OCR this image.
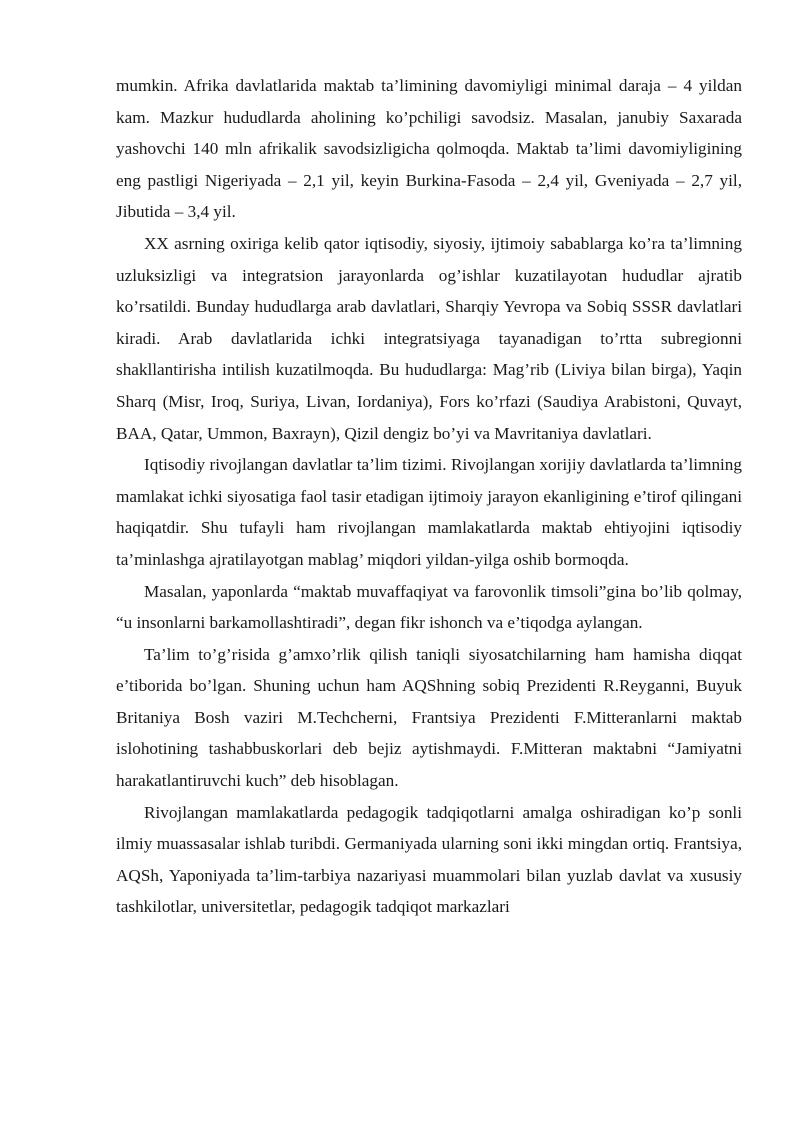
mumkin. Afrika davlatlarida maktab ta’limining davomiyligi minimal daraja – 4 yildan kam. Mazkur hududlarda aholining ko’pchiligi savodsiz. Masalan, janubiy Saxarada yashovchi 140 mln afrikalik savodsizligicha qolmoqda. Maktab ta’limi davomiyligining eng pastligi Nigeriyada – 2,1 yil, keyin Burkina-Fasoda – 2,4 yil, Gveniyada – 2,7 yil, Jibutida – 3,4 yil.

XX asrning oxiriga kelib qator iqtisodiy, siyosiy, ijtimoiy sabablarga ko’ra ta’limning uzluksizligi va integratsion jarayonlarda og’ishlar kuzatilayotan hududlar ajratib ko’rsatildi. Bunday hududlarga arab davlatlari, Sharqiy Yevropa va Sobiq SSSR davlatlari kiradi. Arab davlatlarida ichki integratsiyaga tayanadigan to’rtta subregionni shakllantirisha intilish kuzatilmoqda. Bu hududlarga: Mag’rib (Liviya bilan birga), Yaqin Sharq (Misr, Iroq, Suriya, Livan, Iordaniya), Fors ko’rfazi (Saudiya Arabistoni, Quvayt, BAA, Qatar, Ummon, Baxrayn), Qizil dengiz bo’yi va Mavritaniya davlatlari.

Iqtisodiy rivojlangan davlatlar ta’lim tizimi. Rivojlangan xorijiy davlatlarda ta’limning mamlakat ichki siyosatiga faol tasir etadigan ijtimoiy jarayon ekanligining e’tirof qilingani haqiqatdir. Shu tufayli ham rivojlangan mamlakatlarda maktab ehtiyojini iqtisodiy ta’minlashga ajratilayotgan mablag’ miqdori yildan-yilga oshib bormoqda.

Masalan, yaponlarda “maktab muvaffaqiyat va farovonlik timsoli”gina bo’lib qolmay, “u insonlarni barkamollashtiradi”, degan fikr ishonch va e’tiqodga aylangan.

Ta’lim to’g’risida g’amxo’rlik qilish taniqli siyosatchilarning ham hamisha diqqat e’tiborida bo’lgan. Shuning uchun ham AQShning sobiq Prezidenti R.Reyganni, Buyuk Britaniya Bosh vaziri M.Techcherni, Frantsiya Prezidenti F.Mitteranlarni maktab islohotining tashabbuskorlari deb bejiz aytishmaydi. F.Mitteran maktabni “Jamiyatni harakatlantiruvchi kuch” deb hisoblagan.

Rivojlangan mamlakatlarda pedagogik tadqiqotlarni amalga oshiradigan ko’p sonli ilmiy muassasalar ishlab turibdi. Germaniyada ularning soni ikki mingdan ortiq. Frantsiya, AQSh, Yaponiyada ta’lim-tarbiya nazariyasi muammolari bilan yuzlab davlat va xususiy tashkilotlar, universitetlar, pedagogik tadqiqot markazlari
